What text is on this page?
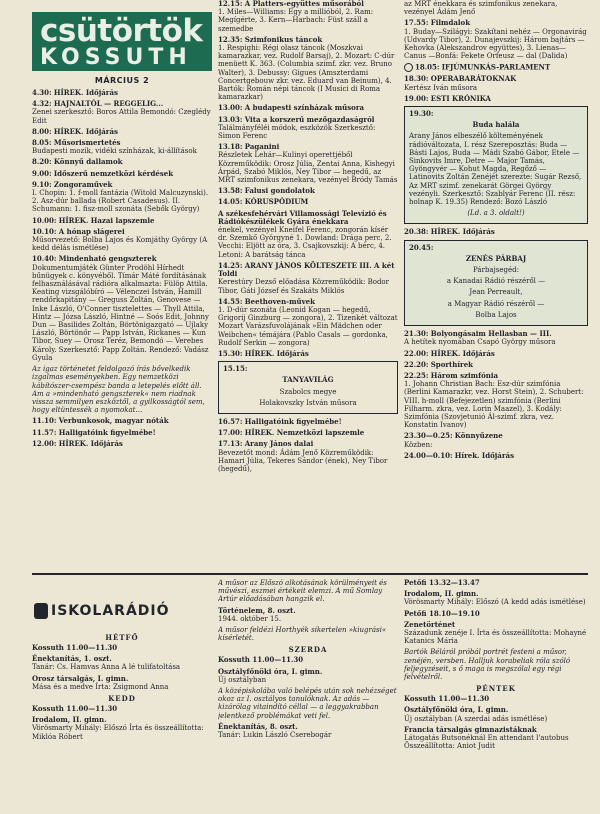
csütörtök
KOSSUTH
MÁRCIUS 2
4.30: HÍREK. Időjárás
4.32: HAJNALTÓL — REGGELIG...

Zenei szerkesztő: Boros Attila Bemondó: Czeglédy Edit

8.00: HÍREK. Időjárás
8.05: Műsorismertetés

Budapesti mozik, vidéki színházak, ki-állítások

8.20: Könnyű dallamok
9.00: Időszerű nemzetközi kérdések
9.10: Zongoraművek

I. Chopin: 1. f-moll fantázia (Witold Malcuzynski). 2. Asz-dúr ballada (Robert Casadesus). II. Schumann: 1. fisz-moll szonáta (Sebők György)

10.00: HÍREK. Hazai lapszemle
10.10: A hónap slágerei

Műsorvezető: Bolba Lajos és Komjáthy György (A kedd délás ismétlése)

10.40: Mindenható gengszterek

Dokumentumjáték Günter Prodöhl Hírhedt bűnügyek c. könyvéből. Tímár Máté fordításának felhasználásával rádióra alkalmazta: Fülöp Attila. Keating vizsgálóbíró — Vélenczei István, Hamill rendőrkapitány — Greguss Zoltán, Genovese — Inke László, O'Conner tisztelettes — Thyll Attila, Hintz — Józsa László, Hintné — Soós Edit, Johnny Dun — Basilides Zoltán, Börtönigazgató — Ujlaky László, Börtönőr — Papp István, Rickanes — Kun Tibor, Suey — Orosz Teréz, Bemondó — Verebes Károly. Szerkesztő: Papp Zoltán. Rendező: Vadász Gyula

Az igaz történetet feldolgozó írás bővelkedik izgalmas eseményekben. Egy nemzetközi kábítószer-csempész banda a letepelés előtt áll. Am a »mindenható gengszterek« nem riadnak vissza semmilyen eszköztől, a gyilkosságtól sem, hogy eltüntessék a nyomokat...

11.10: Verbunkosok, magyar nóták
11.57: Halligatóink figyelmébe!
12.00: HÍREK. Időjárás
12.15: A Platters-együttes műsorából

1. Miles—Williams: Egy a millióból, 2. Ram: Megígérte, 3. Kern—Harbach: Füst száll a szemedbe

12.35: Szimfonikus táncok

1. Respighi: Régi olasz táncok (Moszkvai kamarazkar, vez. Rudolf Barsaj), 2. Mozart: C-dúr menüett K. 363. (Columbia szimf. zkr. vez. Bruno Walter), 3. Debussy: Gigues (Amszterdami Concertgebouw zkr. vez. Eduard van Beinum), 4. Bartók: Román népi táncok (I Musici di Roma kamarazkar)

13.00: A budapesti színházak műsora
13.03: Vita a korszerű mezőgazdaságról

Találmányféléi módok, eszközök Szerkesztő: Simon Ferenc

13.18: Paganini

Részletek Lehár—Kulinyi operettjéből Közreműködik: Orosz Júlia, Zentai Anna, Kishegyi Árpád, Szabó Miklós, Ney Tibor — hegedű, az MRT szimfonikus zenekara, vezényel Bródy Tamás

13.58: Falusi gondolatok
14.05: KÓRUSPÓDIUM
A székesfehérvári Villamossági Televízió és Rádiókészülékek Gyára énekkara

énekel, vezényel Kneifel Ferenc, zongorán kísér dr. Szemkő Györgyné 1. Dowland: Drága perc, 2. Vecchi: Eljött az óra, 3. Csajkovszkij: A bérc, 4. Letoni: A barátság tánca

14.25: ARANY JÁNOS KÖLTESZETE III. A két Toldi

Kerestúry Dezső előadása Közreműködik: Bodor Tibor, Gáti József és Szakáts Miklós

14.55: Beethoven-művek

1. D-dúr szonáta (Leonid Kogan — hegedű, Grigorij Ginzburg — zongora), 2. Tizenkét változat Mozart Varázsfuvolájának »Ein Mädchen oder Weibchen« témájára (Pablo Casals — gordonka, Rudolf Serkin — zongora)

15.30: HÍREK. Időjárás
15.15:
TANYAVILÁG
Szabolcs megye
Holakovszky István műsora
16.57: Halligatóink figyelmébe!
17.00: HÍREK. Nemzetközi lapszemle
17.13: Arany János dalai

Bevezetőt mond: Ádám Jenő Közreműködik: Hamari Júlia, Tekeres Sándor (ének), Ney Tibor (hegedű),

az MRT énekkara és szimfonikus zenekara, vezényel Ádám Jenő

17.55: Filmdalok

1. Buday—Szilágyi: Szakítani nehéz — Orgonavirág (Udvardy Tibor), 2. Dunajevszkij: Három bajtárs — Kehovka (Alekszandrov együttes), 3. Lienas—Canus —Bonfá: Fekete Orfeusz — dal (Dalida)

18.05: IFJÚMUNKÁS-PARLAMENT
18.30: OPERABARÁTOKNAK

Kertész Iván műsora

19.00: ESTI KRÓNIKA
19.30:
Buda halála
Arany János elbeszélő költeményének rádióváltozata, I. rész Szereposztás: Buda — Básti Lajos, Buda — Mádi Szabó Gábor, Etele — Sinkovits Imre, Detre — Major Tamás, Gyöngyvér — Kohut Magda, Regőző — Latinovits Zoltán Zenéjét szerezte: Sugár Rezső, Az MRT szimf. zenekarát Görgei György vezényli. Szerkesztő: Szablyár Ferenc (II. rész: holnap K. 19.35) Rendező: Bozó László
(Ld. a 3. oldalt!)
20.38: HÍREK. Időjárás
20.45:
ZENÉS PÁRBAJ
Párbajsegéd:
a Kanadai Rádió részéről —
Jean Perreault,
a Magyar Rádió részéről —
Bolba Lajos
21.30: Bolyongásaim Hellasban — III.

A hetítek nyomában Csapó György műsora

22.00: HÍREK. Időjárás
22.20: Sporthírek
22.25: Három szimfónia

1. Johann Christian Bach: Esz-dúr szimfónia (Berlini Kamarazkr, vez. Horst Stein), 2. Schubert: VIII. h-moll (Befejezetlen) szimfónia (Berlini Filharm. zkra, vez. Lorin Maazel), 3. Kodály: Szimfónia (Szovjetunió Ál-szimf. zkra, vez. Konstatin Ivanov)

23.30—0.25: Könnyűzene

Közben:

24.00—0.10: Hírek. Időjárás
ISKOLARÁDIÓ
HÉTFŐ
Kossuth 11.00—11.30
Énektanítás, 1. oszt.

Tanár: Cs. Hamvas Anna A lé tulifatoltása

Orosz társalgás, I. gimn.

Mása és a medve Írta: Zsigmond Anna

KEDD
Kossuth 11.00—11.30
Irodalom, II. gimn.

Vörösmarty Mihály: Előszó Írta és összeállította: Miklóa Róbert

A műsor az Előszó alkotásának körülményeit és művészi, eszmei értékeit elemzi. A mű Somlay Artúr előadásában hangzik el.

Történelem, 8. oszt.

1944. október 15.

A műsor feldézi Horthyék sikertelen »kiugrási« kísérletét.

SZERDA
Kossuth 11.00—11.30
Osztályfőnöki óra, I. gimn.

Új osztályban

A középiskolába való belépés után sok nehézséget okoz az I. osztályos tanulóknak. Az adás — kizárólag vitaindító céllal — a leggyakrabban jelentkező problémákat veti fel.

Énektanítás, 8. oszt.

Tanár: Lukin László Cserebogár

Petőfi 13.32—13.47
Irodalom, II. gimn.

Vörösmarty Mihály: Előszó (A kedd adás ismétlése)

Petőfi 18.10—19.10
Zenetörténet

Századunk zenéje I. Írta és összeállította: Mohayné Katanics Mária

Bartók Béláról próbál portrét festeni a műsor, zenéjén, versben. Halljuk korabeliak róla szóló feljegyzéseit, s ő maga is megszólal egy régi felvételről.

PÉNTEK
Kossuth 11.00—11.30
Osztályfőnöki óra, I. gimn.

Új osztályban (A szerdai adás ismétlése)

Francia társalgás gimnazistáknak

Látogatás Butsonéknál En attendant l'autobus Összeállította: Aniot Judit
